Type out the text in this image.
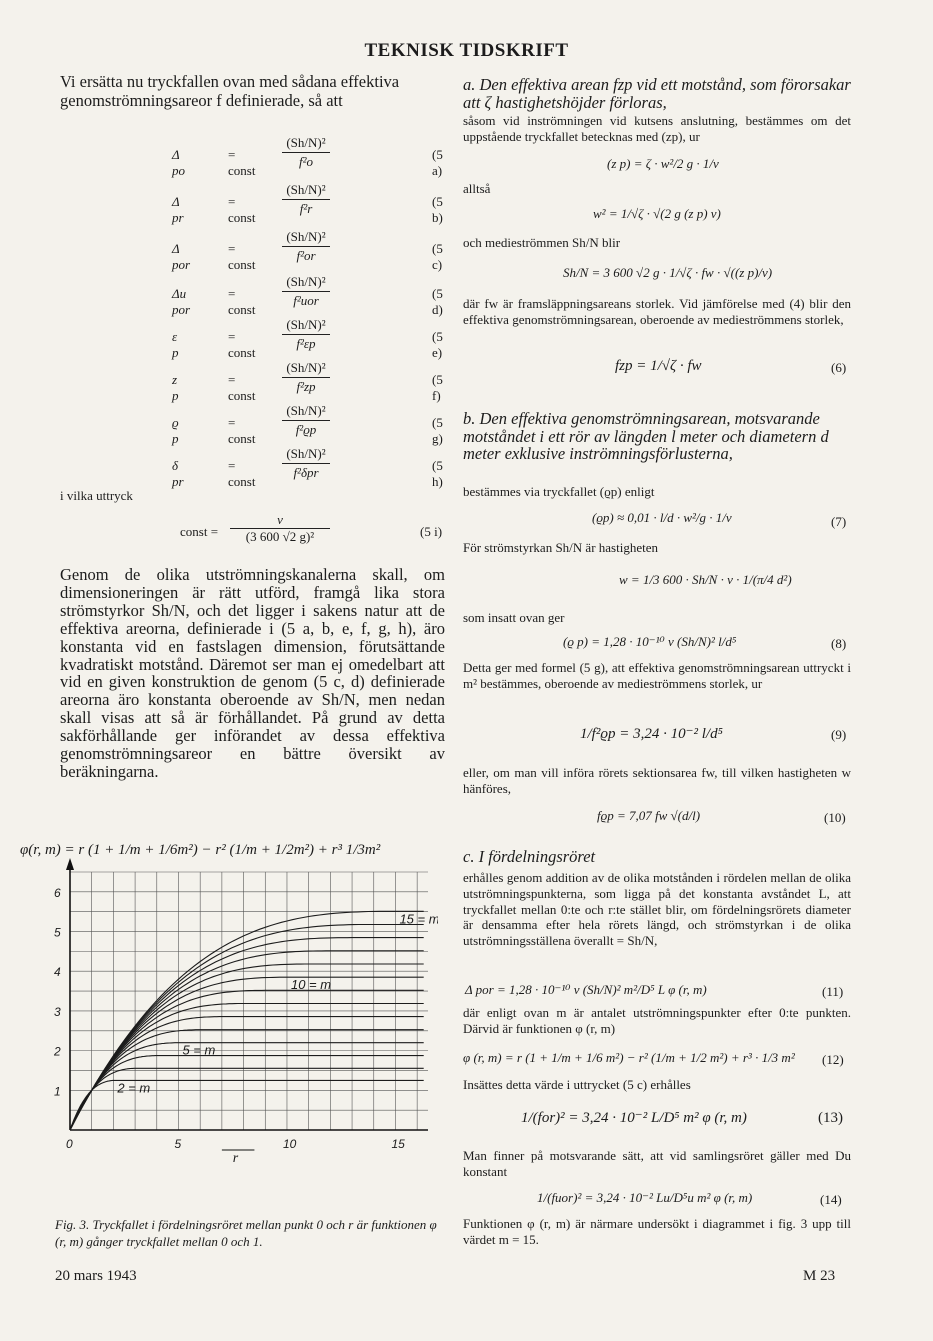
TEKNISK TIDSKRIFT
Vi ersätta nu tryckfallen ovan med sådana effektiva genomströmningsareor f definierade, så att
Δ po
= const
$\frac{\text{(Sh/N)²}}{\text{f²o}}$	(5 a)
Δ pr
= const
$\frac{\text{(Sh/N)²}}{\text{f²r}}$	(5 b)
Δ por
= const
$\frac{\text{(Sh/N)²}}{\text{f²or}}$	(5 c)
Δu por
= const
(Sh/N)²
f²uor	(5 d)
ε p
= const
$\frac{\text{(Sh/N)²}}{\text{f²εp}}$	(5 e)
z p
= const
$\frac{\text{(Sh/N)²}}{\text{f²zp}}$	(5 f)
ϱ p
= const
$\frac{\text{(Sh/N)²}}{\text{f²ϱp}}$	(5 g)
δ pr
= const
(Sh/N)²
f²δpr	(5 h)
i vilka uttryck
const = $\frac{v}{\text{(3 600 √2 g)²}}$	(5 i)
Genom de olika utströmningskanalerna skall, om dimensioneringen är rätt utförd, framgå lika stora strömstyrkor Sh/N, och det ligger i sakens natur att de effektiva areorna, definierade i (5 a, b, e, f, g, h), äro konstanta vid en fastslagen dimension, förutsättande kvadratiskt motstånd. Däremot ser man ej omedelbart att vid en given konstruktion de genom (5 c, d) definierade areorna äro konstanta oberoende av Sh/N, men nedan skall visas att så är förhållandet. På grund av detta sakförhållande ger införandet av dessa effektiva genomströmningsareor en bättre översikt av beräkningarna.
φ(r, m) = r (1 + 1/m + 1/6m²) − r² (1/m + 1/2m²) + r³ 1/3m²
1
2
3
4
5
6
0	5	10	15
r
2 = m
5 = m
10 = m
15 = m
Fig. 3. Tryckfallet i fördelningsröret mellan punkt 0 och r är funktionen φ (r, m) gånger tryckfallet mellan 0 och 1.
20 mars 1943	M 23
a. Den effektiva arean fzp vid ett motstånd, som förorsakar att ζ hastighetshöjder förloras,
såsom vid inströmningen vid kutsens anslutning, bestämmes om det uppstående tryckfallet betecknas med (zp), ur
(z p) = ζ · w²/2 g · 1/v
alltså
w² = 1/√ζ · √(2 g (z p) v)
och medieströmmen Sh/N blir
Sh/N = 3 600 √2 g · 1/√ζ · fw · √((z p)/v)
där fw är framsläppningsareans storlek. Vid jämförelse med (4) blir den effektiva genomströmningsarean, oberoende av medieströmmens storlek,
fzp = 1/√ζ · fw	(6)
b. Den effektiva genomströmningsarean, motsvarande motståndet i ett rör av längden l meter och diametern d meter exklusive inströmningsförlusterna,
bestämmes via tryckfallet (ϱp) enligt
(ϱp) ≈ 0,01 · l/d · w²/g · 1/v	(7)
För strömstyrkan Sh/N är hastigheten
w = 1/3 600 · Sh/N · v · 1/(π/4 d²)
som insatt ovan ger
(ϱ p) = 1,28 · 10⁻¹⁰ v (Sh/N)² l/d⁵	(8)
Detta ger med formel (5 g), att effektiva genomströmningsarean uttryckt i m² bestämmes, oberoende av medieströmmens storlek, ur
1/f²ϱp = 3,24 · 10⁻² l/d⁵	(9)
eller, om man vill införa rörets sektionsarea fw, till vilken hastigheten w hänföres,
fϱp = 7,07 fw √(d/l)	(10)
c. I fördelningsröret
erhålles genom addition av de olika motstånden i rördelen mellan de olika utströmningspunkterna, som ligga på det konstanta avståndet L, att tryckfallet mellan 0:te och r:te stället blir, om fördelningsrörets diameter är densamma efter hela rörets längd, och strömstyrkan i de olika utströmningsställena överallt = Sh/N,
Δ por = 1,28 · 10⁻¹⁰ v (Sh/N)² m²/D⁵ L φ (r, m)	(11)
där enligt ovan m är antalet utströmningspunkter efter 0:te punkten. Därvid är funktionen φ (r, m)
φ (r, m) = r (1 + 1/m + 1/6 m²) − r² (1/m + 1/2 m²) + r³ · 1/3 m²	(12)
Insättes detta värde i uttrycket (5 c) erhålles
1/(for)² = 3,24 · 10⁻² L/D⁵ m² φ (r, m)	(13)
Man finner på motsvarande sätt, att vid samlingsröret gäller med Du konstant
1/(fuor)² = 3,24 · 10⁻² Lu/D⁵u m² φ (r, m)	(14)
Funktionen φ (r, m) är närmare undersökt i diagrammet i fig. 3 upp till värdet m = 15.
